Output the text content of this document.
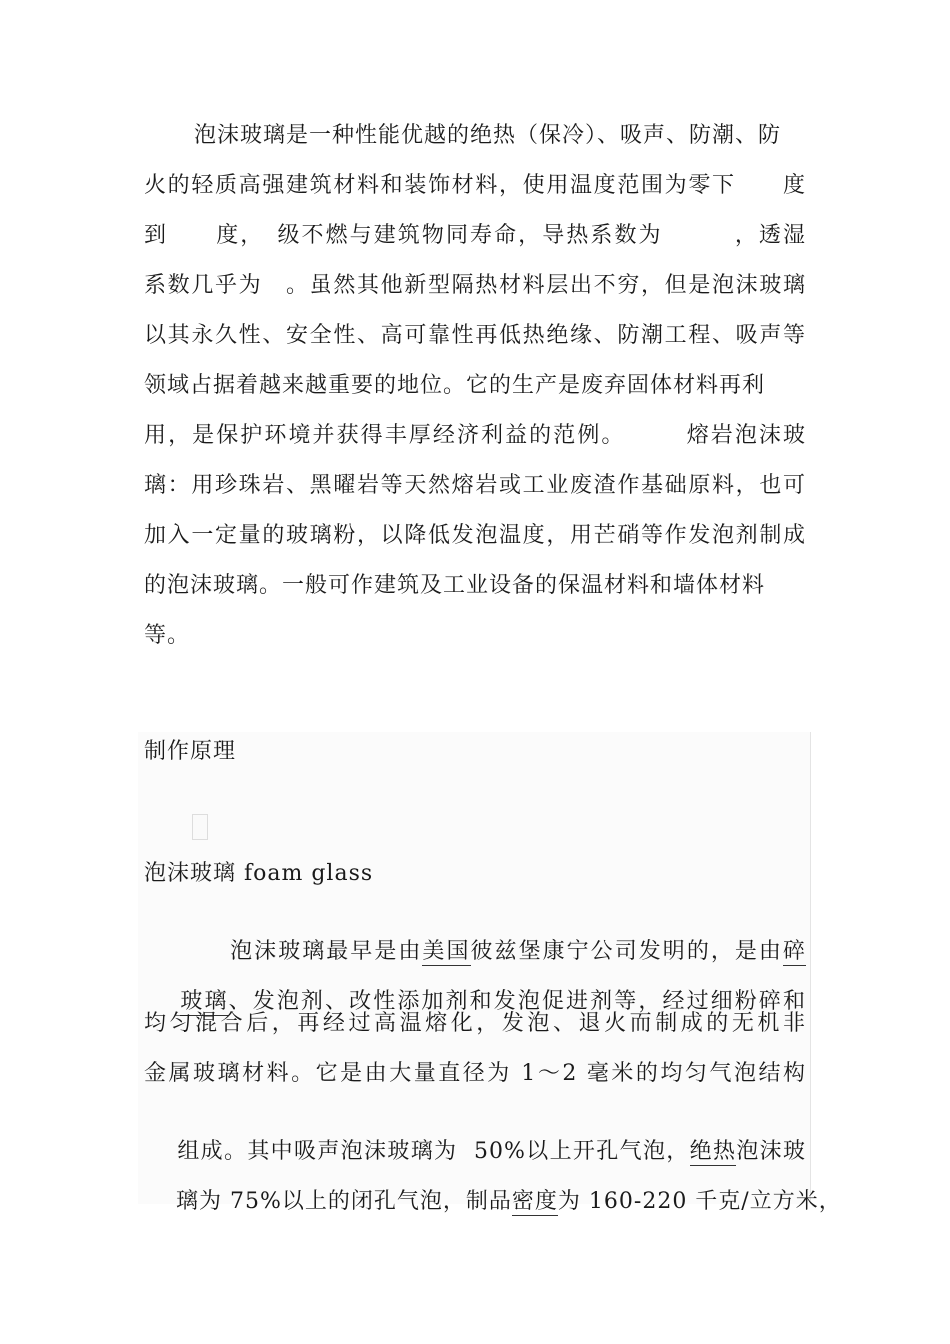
泡沫玻璃是一种性能优越的绝热（保冷）、吸声、防潮、防
火的轻质高强建筑材料和装饰材料，使用温度范围为零下　　度
到　　度，　级不燃与建筑物同寿命，导热系数为　　　，透湿
系数几乎为　。虽然其他新型隔热材料层出不穷，但是泡沫玻璃
以其永久性、安全性、高可靠性再低热绝缘、防潮工程、吸声等
领域占据着越来越重要的地位。它的生产是废弃固体材料再利
用，是保护环境并获得丰厚经济利益的范例。　　　熔岩泡沫玻
璃：用珍珠岩、黑曜岩等天然熔岩或工业废渣作基础原料，也可
加入一定量的玻璃粉，以降低发泡温度，用芒硝等作发泡剂制成
的泡沫玻璃。一般可作建筑及工业设备的保温材料和墙体材料
等。
制作原理
泡沫玻璃 foam glass

泡沫玻璃最早是由美国彼兹堡康宁公司发明的，是由碎

玻璃、发泡剂、改性添加剂和发泡促进剂等，经过细粉碎和

均匀混合后，再经过高温熔化，发泡、退火而制成的无机非
金属玻璃材料。它是由大量直径为 1～2 毫米的均匀气泡结构

组成。其中吸声泡沫玻璃为  50%以上开孔气泡，绝热泡沫玻

璃为 75%以上的闭孔气泡，制品密度为 160-220 千克/立方米，
